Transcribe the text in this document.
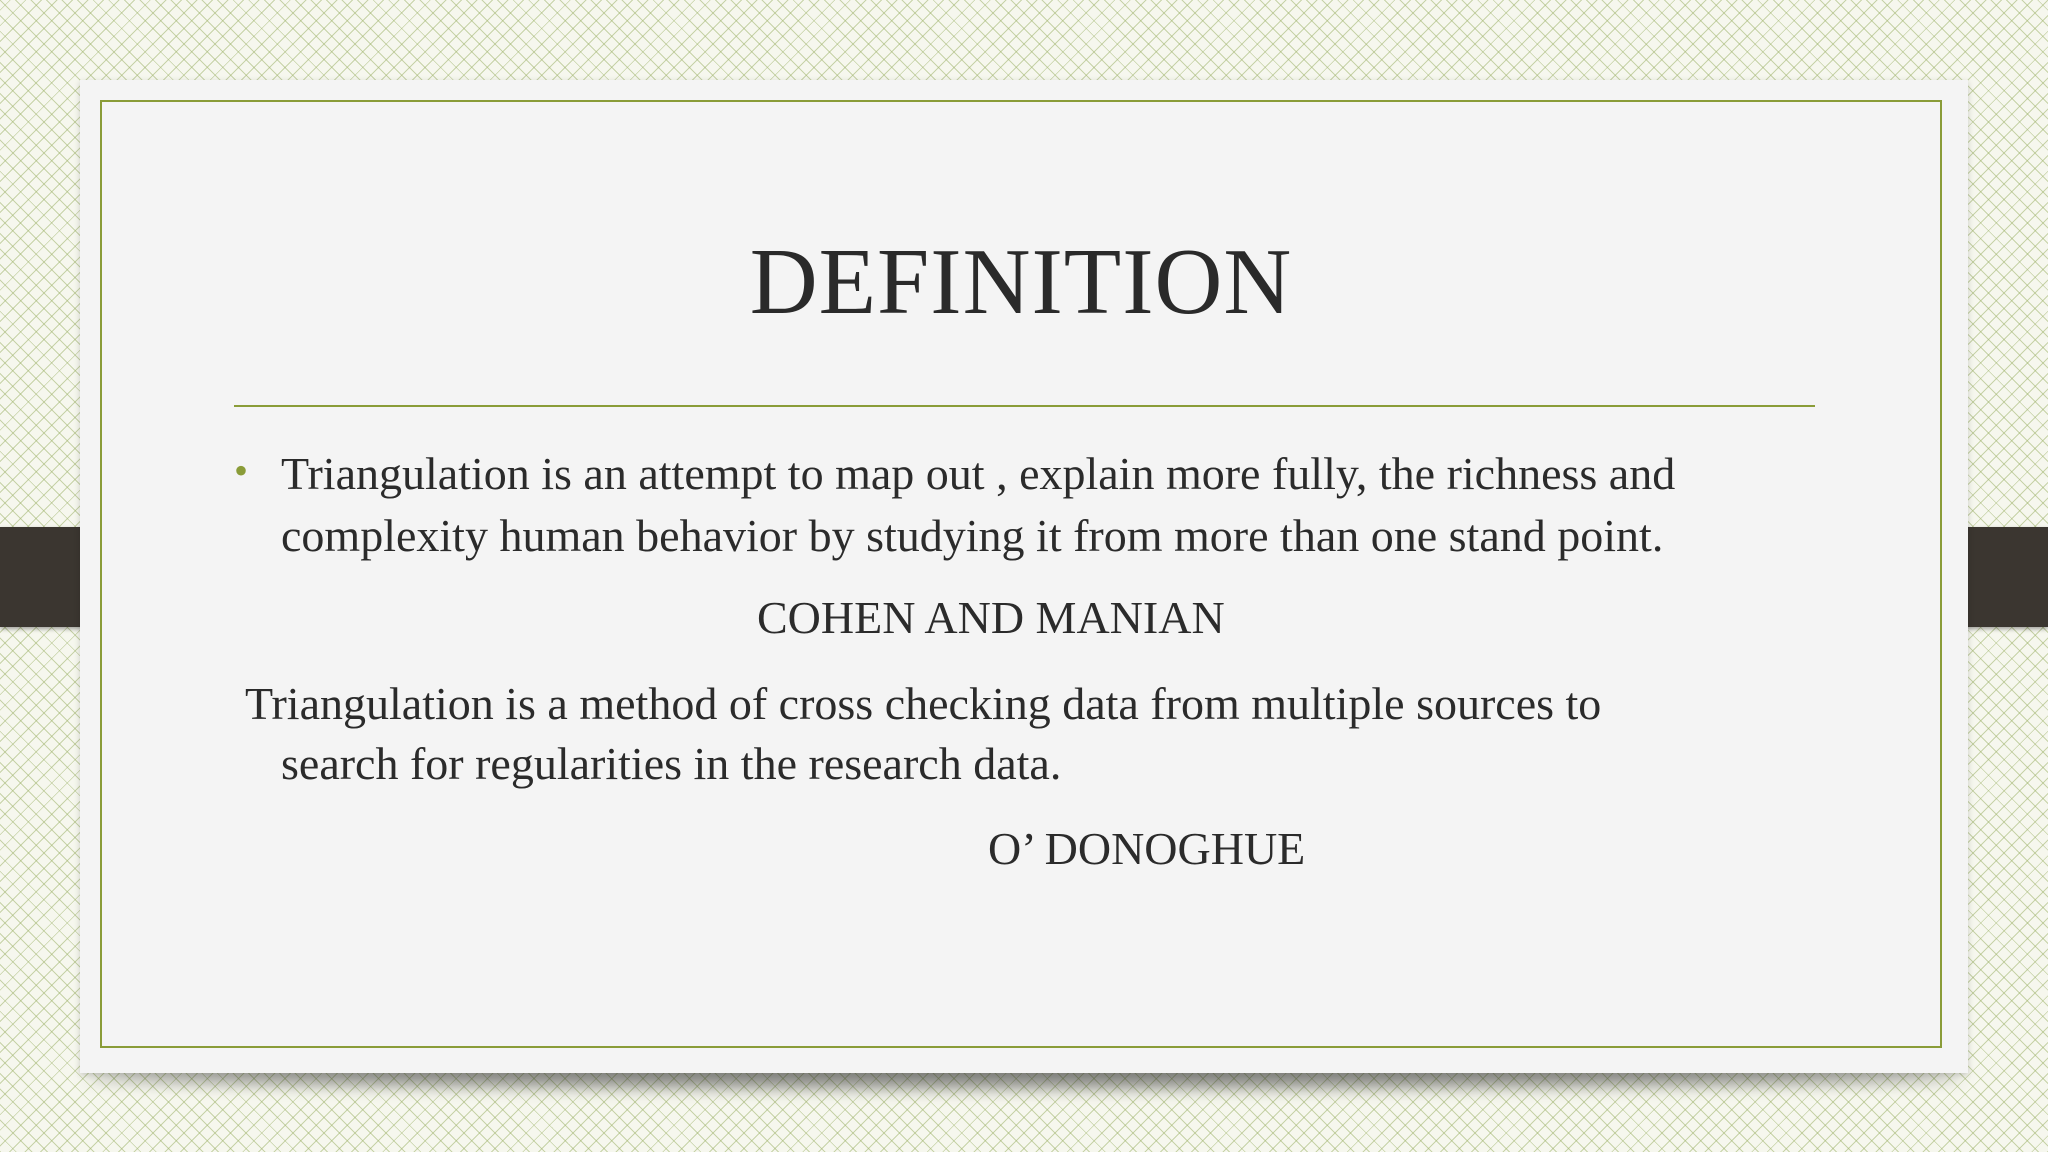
DEFINITION
• Triangulation is an attempt to map out , explain more fully, the richness and
complexity human behavior by studying it from more than one stand point.
COHEN AND MANIAN
Triangulation is a method of cross checking data from multiple sources to
search for regularities in the research data.
O’ DONOGHUE
